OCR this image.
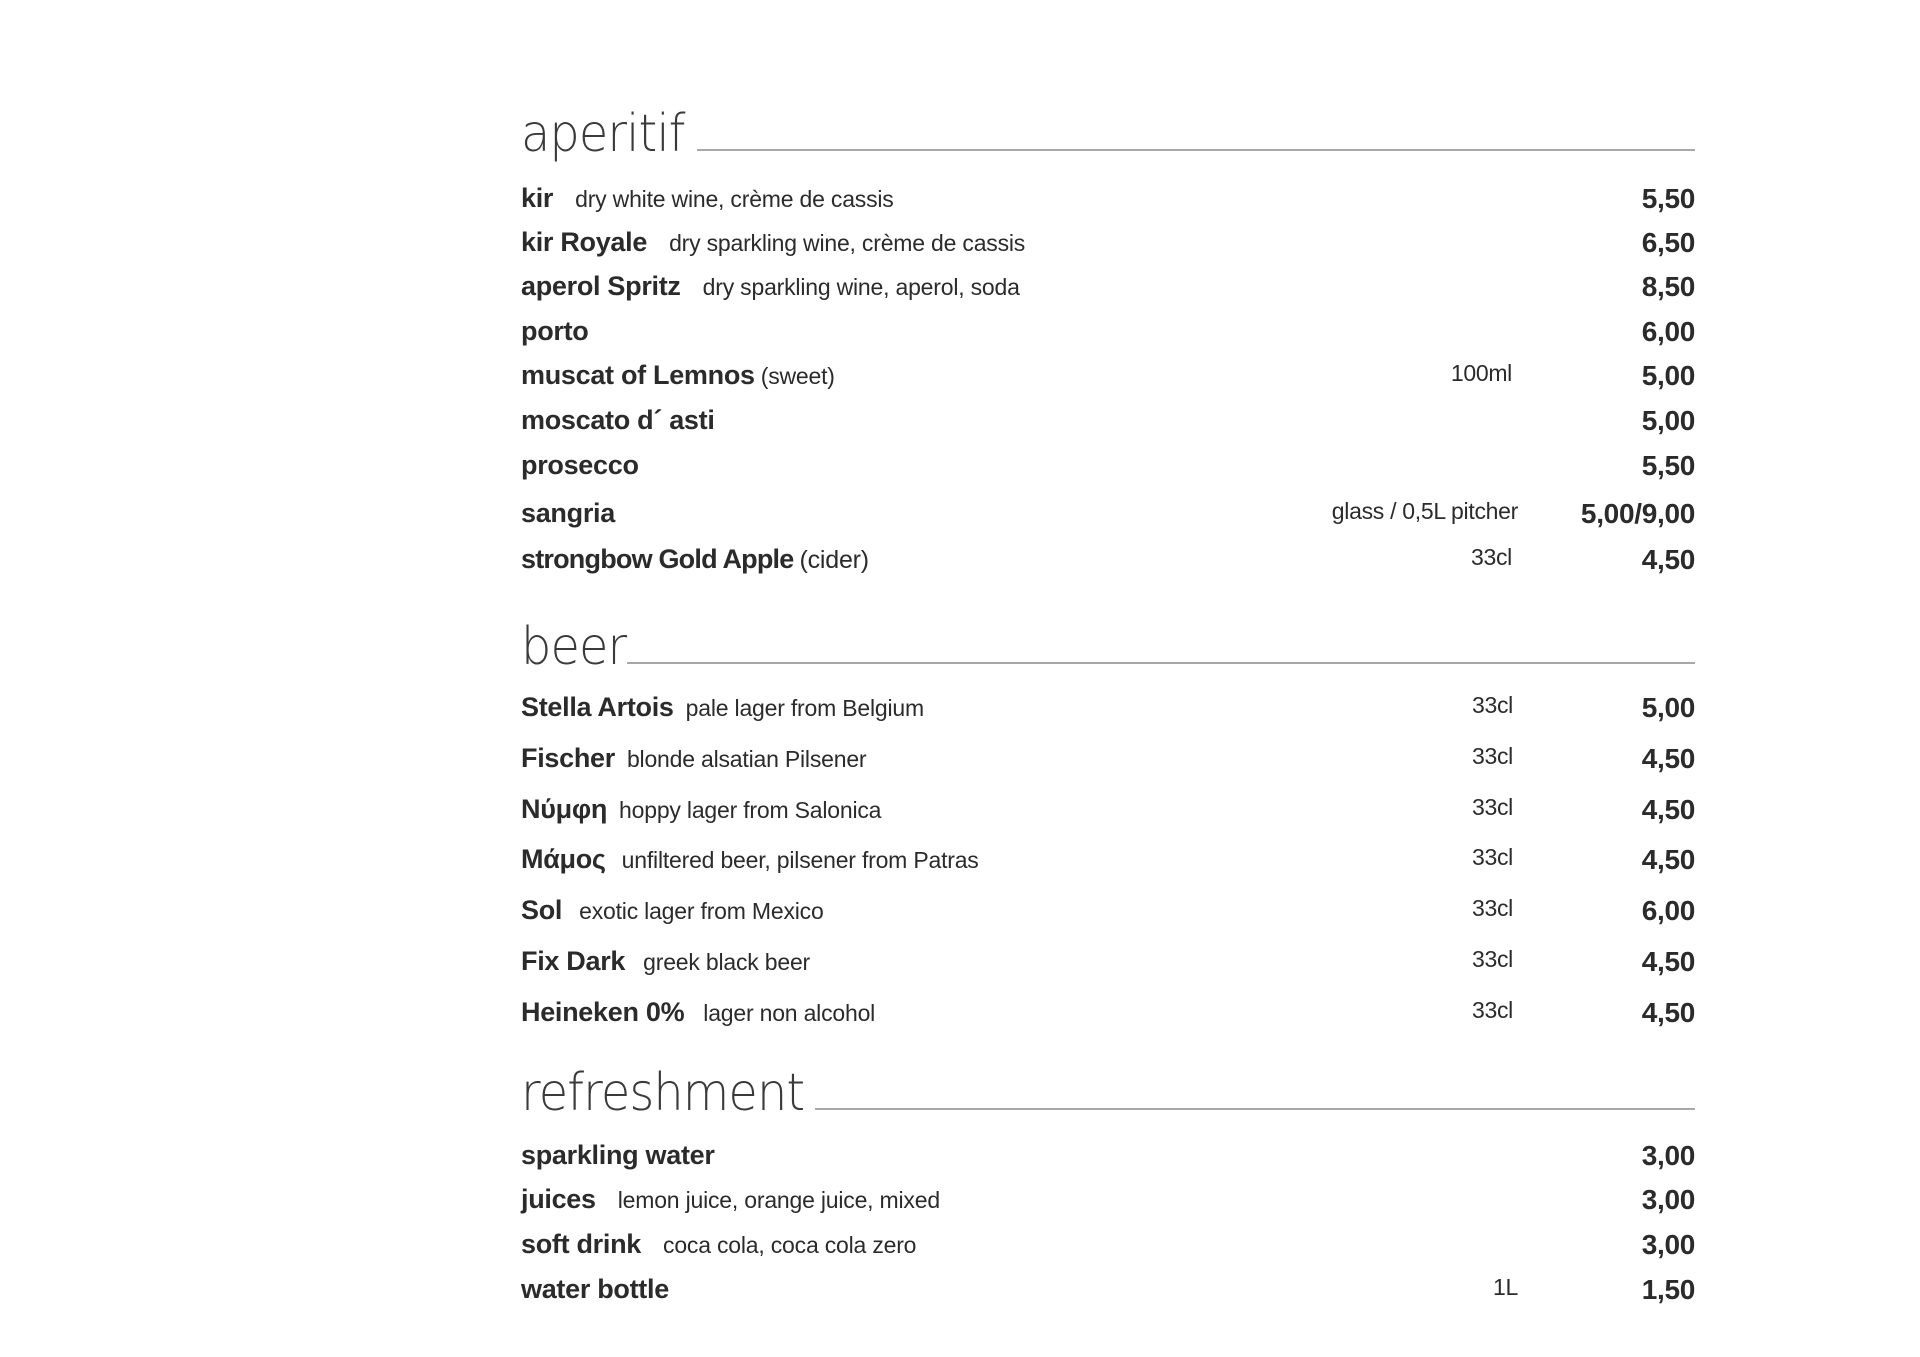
aperitif
kir dry white wine, crème de cassis	5,50
kir Royale dry sparkling wine, crème de cassis	6,50
aperol Spritz dry sparkling wine, aperol, soda	8,50
porto	6,00
muscat of Lemnos (sweet)	100ml	5,00
moscato d´ asti	5,00
prosecco	5,50
sangria	glass / 0,5L pitcher 5,00/9,00
strongbow Gold Apple (cider)	33cl	4,50
beer
Stella Artois pale lager from Belgium	33cl	5,00
Fischer blonde alsatian Pilsener	33cl	4,50
Νύμφη hoppy lager from Salonica	33cl	4,50
Μάμος unfiltered beer, pilsener from Patras	33cl	4,50
Sol exotic lager from Mexico	33cl	6,00
Fix Dark greek black beer	33cl	4,50
Heineken 0% lager non alcohol	33cl	4,50
refreshment
sparkling water	3,00
juices lemon juice, orange juice, mixed	3,00
soft drink coca cola, coca cola zero	3,00
water bottle	1L	1,50
